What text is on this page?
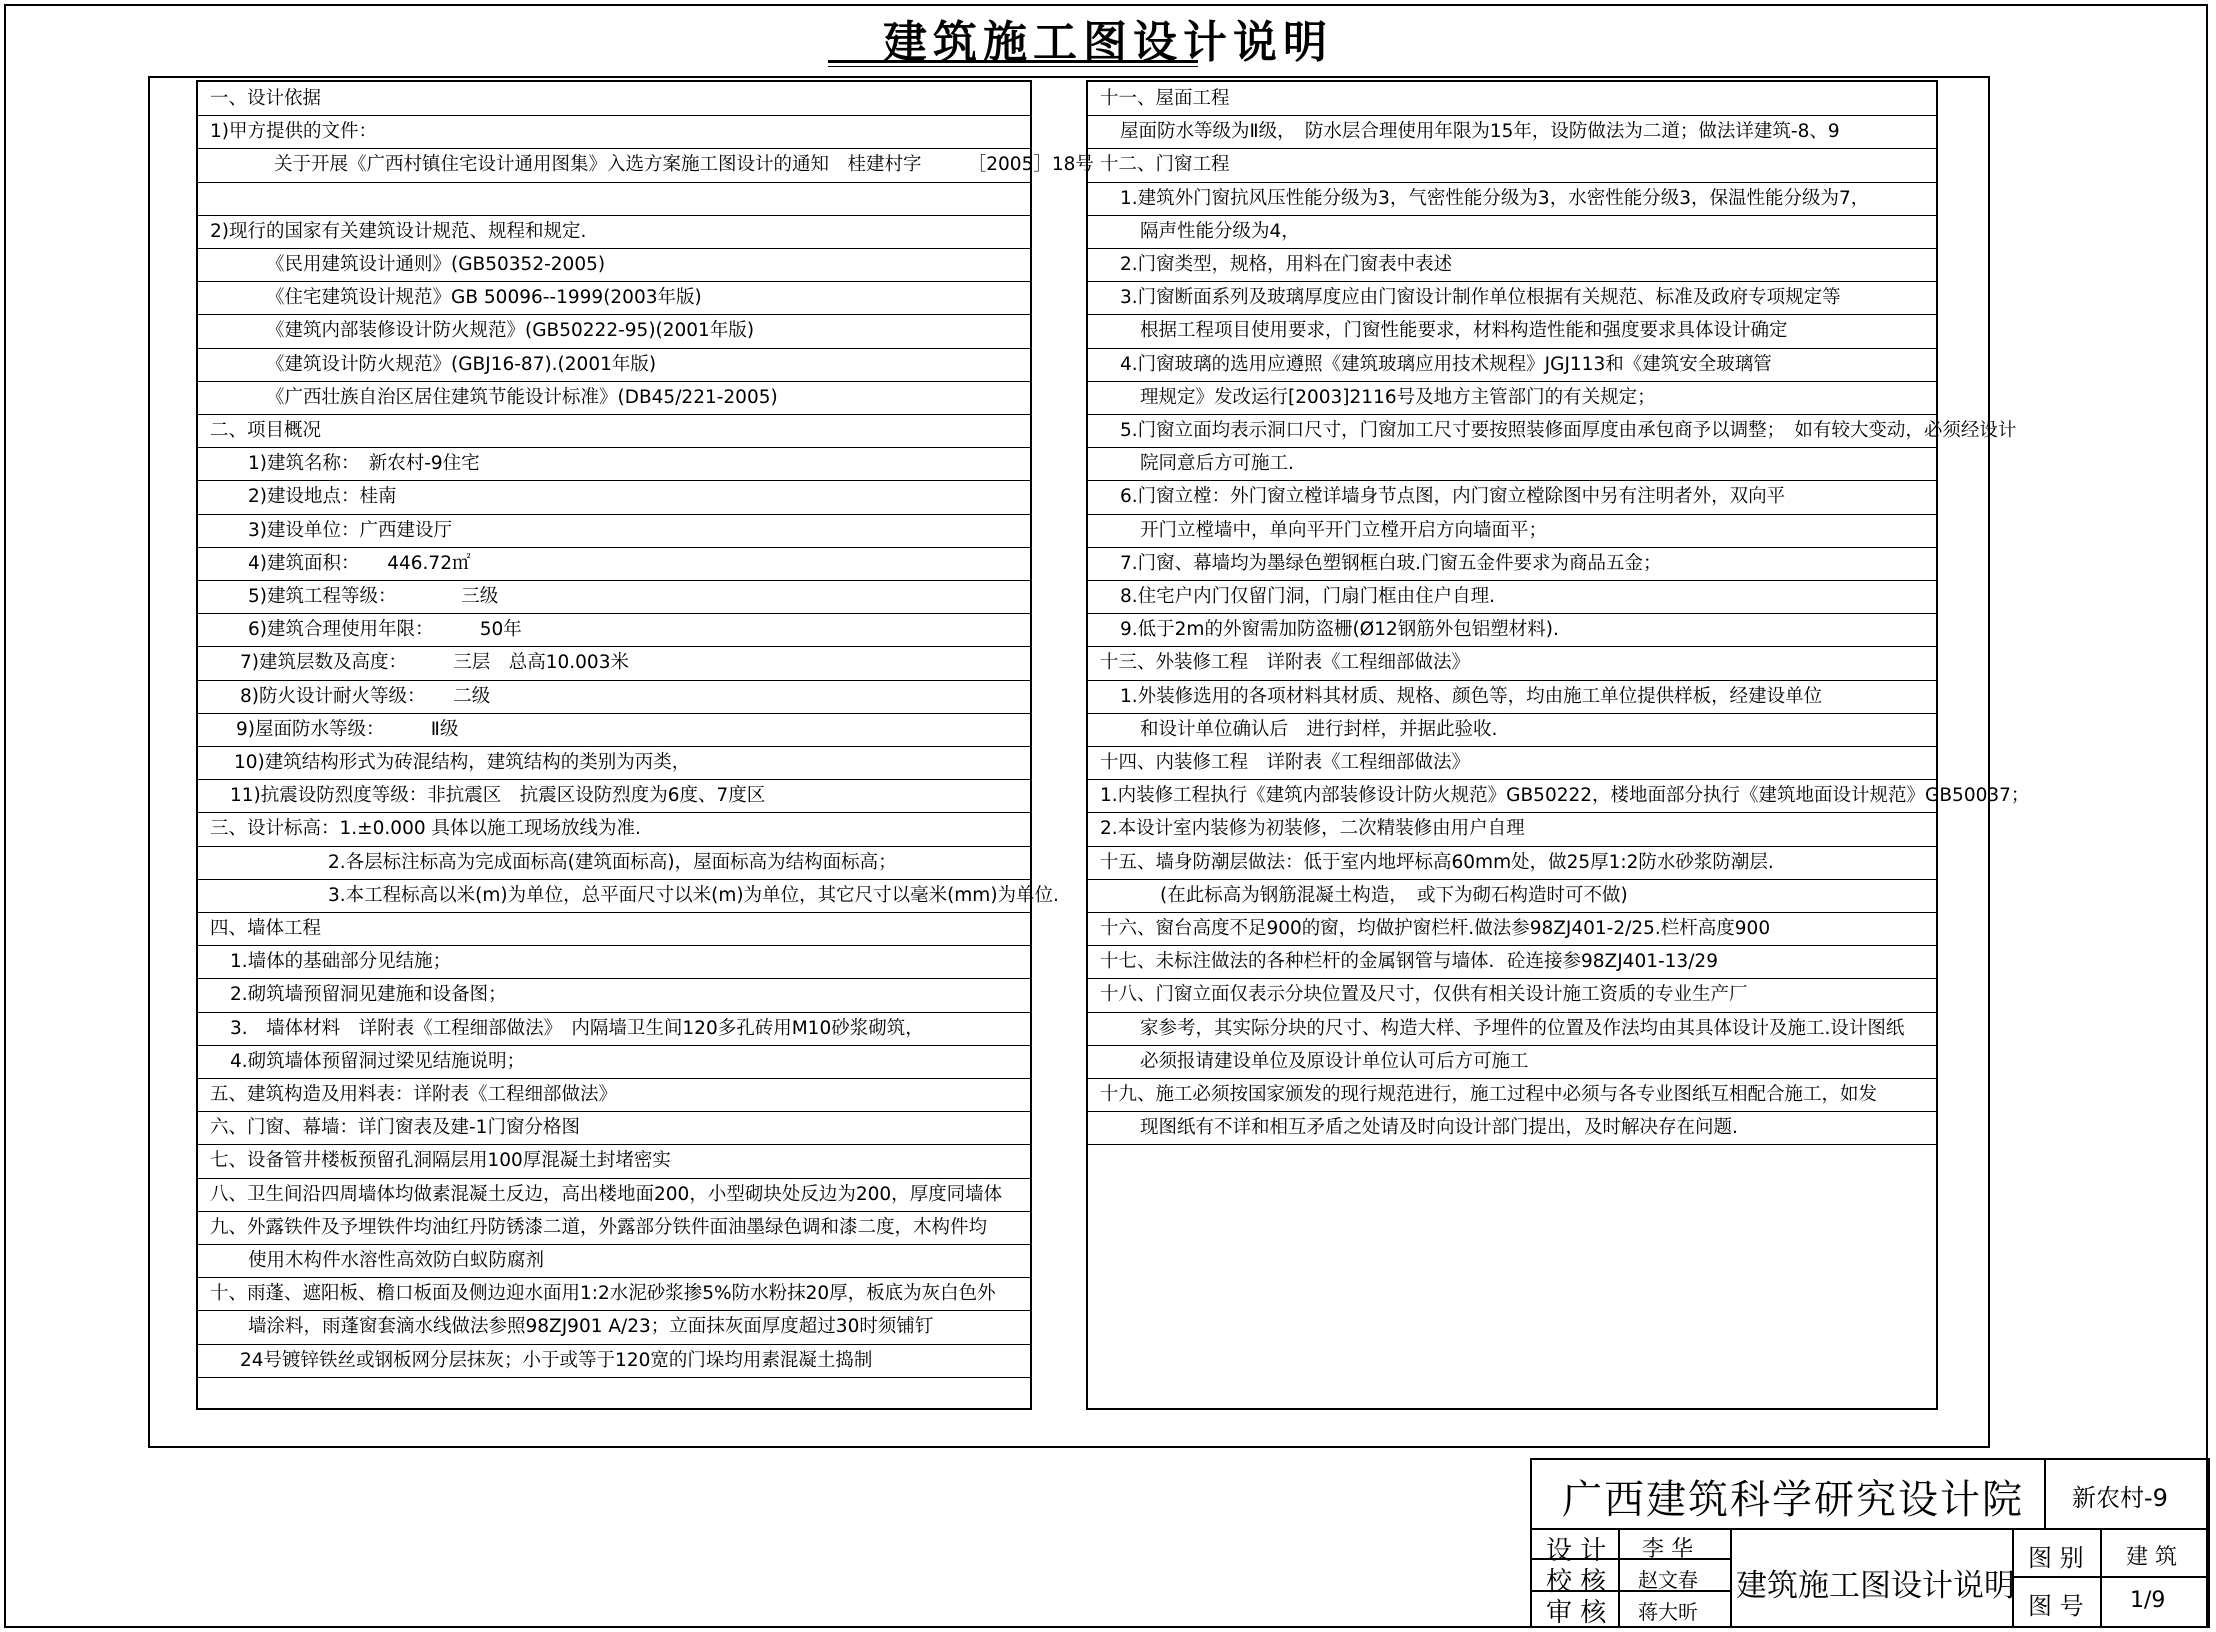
建筑施工图设计说明
一、设计依据
1)甲方提供的文件：
关于开展《广西村镇住宅设计通用图集》入选方案施工图设计的通知　桂建村字　　　［2005］18号
2)现行的国家有关建筑设计规范、规程和规定.
《民用建筑设计通则》(GB50352-2005)
《住宅建筑设计规范》GB 50096--1999(2003年版)
《建筑内部装修设计防火规范》(GB50222-95)(2001年版)
《建筑设计防火规范》(GBJ16-87).(2001年版)
《广西壮族自治区居住建筑节能设计标准》(DB45/221-2005)
二、项目概况
1)建筑名称：　新农村-9住宅
2)建设地点：桂南
3)建设单位：广西建设厅
4)建筑面积：　　446.72㎡
5)建筑工程等级：　　　　三级
6)建筑合理使用年限：　　　50年
7)建筑层数及高度：　　　三层　总高10.003米
8)防火设计耐火等级：　　二级
9)屋面防水等级：　　　Ⅱ级
10)建筑结构形式为砖混结构，建筑结构的类别为丙类，
11)抗震设防烈度等级：非抗震区　抗震区设防烈度为6度、7度区
三、设计标高：1.±0.000 具体以施工现场放线为准.
2.各层标注标高为完成面标高(建筑面标高)，屋面标高为结构面标高；
3.本工程标高以米(m)为单位，总平面尺寸以米(m)为单位，其它尺寸以毫米(mm)为单位.
四、墙体工程
1.墙体的基础部分见结施；
2.砌筑墙预留洞见建施和设备图；
3.　墙体材料　详附表《工程细部做法》　内隔墙卫生间120多孔砖用M10砂浆砌筑，
4.砌筑墙体预留洞过梁见结施说明；
五、建筑构造及用料表：详附表《工程细部做法》
六、门窗、幕墙：详门窗表及建-1门窗分格图
七、设备管井楼板预留孔洞隔层用100厚混凝土封堵密实
八、卫生间沿四周墙体均做素混凝土反边，高出楼地面200，小型砌块处反边为200，厚度同墙体
九、外露铁件及予埋铁件均油红丹防锈漆二道，外露部分铁件面油墨绿色调和漆二度，木构件均
使用木构件水溶性高效防白蚁防腐剂
十、雨蓬、遮阳板、檐口板面及侧边迎水面用1:2水泥砂浆掺5%防水粉抹20厚，板底为灰白色外
墙涂料，雨蓬窗套滴水线做法参照98ZJ901 A/23；立面抹灰面厚度超过30时须铺钉
24号镀锌铁丝或钢板网分层抹灰；小于或等于120宽的门垛均用素混凝土捣制
十一、屋面工程
屋面防水等级为Ⅱ级，　防水层合理使用年限为15年，设防做法为二道；做法详建筑-8、9
十二、门窗工程
1.建筑外门窗抗风压性能分级为3，气密性能分级为3，水密性能分级3，保温性能分级为7，
隔声性能分级为4，
2.门窗类型，规格，用料在门窗表中表述
3.门窗断面系列及玻璃厚度应由门窗设计制作单位根据有关规范、标准及政府专项规定等
根据工程项目使用要求，门窗性能要求，材料构造性能和强度要求具体设计确定
4.门窗玻璃的选用应遵照《建筑玻璃应用技术规程》JGJ113和《建筑安全玻璃管
理规定》发改运行[2003]2116号及地方主管部门的有关规定；
5.门窗立面均表示洞口尺寸，门窗加工尺寸要按照装修面厚度由承包商予以调整；　如有较大变动，必须经设计
院同意后方可施工.
6.门窗立樘：外门窗立樘详墙身节点图，内门窗立樘除图中另有注明者外，双向平
开门立樘墙中，单向平开门立樘开启方向墙面平；
7.门窗、幕墙均为墨绿色塑钢框白玻.门窗五金件要求为商品五金；
8.住宅户内门仅留门洞，门扇门框由住户自理.
9.低于2m的外窗需加防盗栅(Ø12钢筋外包铝塑材料).
十三、外装修工程　详附表《工程细部做法》
1.外装修选用的各项材料其材质、规格、颜色等，均由施工单位提供样板，经建设单位
和设计单位确认后　进行封样，并据此验收.
十四、内装修工程　详附表《工程细部做法》
1.内装修工程执行《建筑内部装修设计防火规范》GB50222，楼地面部分执行《建筑地面设计规范》GB50037；
2.本设计室内装修为初装修，二次精装修由用户自理
十五、墙身防潮层做法：低于室内地坪标高60mm处，做25厚1:2防水砂浆防潮层.
(在此标高为钢筋混凝土构造，　或下为砌石构造时可不做)
十六、窗台高度不足900的窗，均做护窗栏杆.做法参98ZJ401-2/25.栏杆高度900
十七、未标注做法的各种栏杆的金属钢管与墙体．砼连接参98ZJ401-13/29
十八、门窗立面仅表示分块位置及尺寸，仅供有相关设计施工资质的专业生产厂
家参考，其实际分块的尺寸、构造大样、予埋件的位置及作法均由其具体设计及施工.设计图纸
必须报请建设单位及原设计单位认可后方可施工
十九、施工必须按国家颁发的现行规范进行，施工过程中必须与各专业图纸互相配合施工，如发
现图纸有不详和相互矛盾之处请及时向设计部门提出，及时解决存在问题.
广西建筑科学研究设计院 新农村-9
设 计 李 华
校 核 赵文春
审 核 蒋大昕
建筑施工图设计说明
图 别 建 筑
图 号 1/9
